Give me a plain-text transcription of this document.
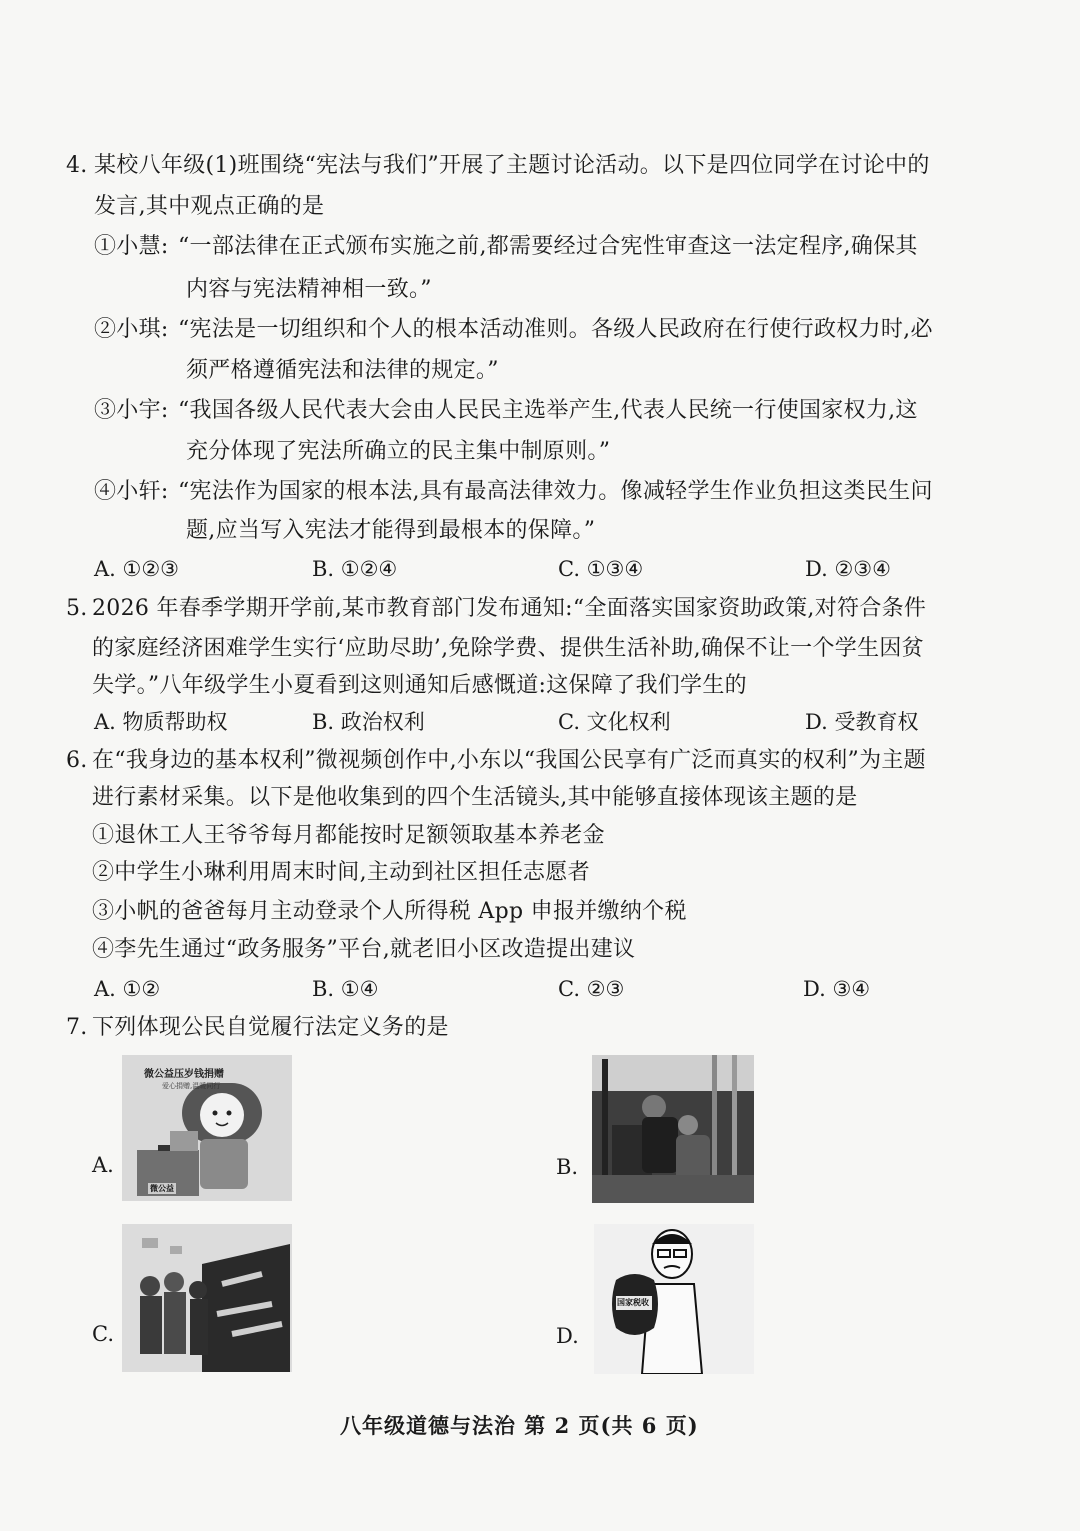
4. 某校八年级(1)班围绕“宪法与我们”开展了主题讨论活动。以下是四位同学在讨论中的
发言,其中观点正确的是
①小慧: “一部法律在正式颁布实施之前,都需要经过合宪性审查这一法定程序,确保其
内容与宪法精神相一致。”
②小琪: “宪法是一切组织和个人的根本活动准则。各级人民政府在行使行政权力时,必
须严格遵循宪法和法律的规定。”
③小宇: “我国各级人民代表大会由人民民主选举产生,代表人民统一行使国家权力,这
充分体现了宪法所确立的民主集中制原则。”
④小轩: “宪法作为国家的根本法,具有最高法律效力。像减轻学生作业负担这类民生问
题,应当写入宪法才能得到最根本的保障。”
A. ①②③	B. ①②④	C. ①③④	D. ②③④
5. 2026 年春季学期开学前,某市教育部门发布通知:“全面落实国家资助政策,对符合条件
的家庭经济困难学生实行‘应助尽助’,免除学费、提供生活补助,确保不让一个学生因贫
失学。”八年级学生小夏看到这则通知后感慨道:这保障了我们学生的
A. 物质帮助权	B. 政治权利	C. 文化权利	D. 受教育权
6. 在“我身边的基本权利”微视频创作中,小东以“我国公民享有广泛而真实的权利”为主题
进行素材采集。以下是他收集到的四个生活镜头,其中能够直接体现该主题的是
①退休工人王爷爷每月都能按时足额领取基本养老金
②中学生小琳利用周末时间,主动到社区担任志愿者
③小帆的爸爸每月主动登录个人所得税 App 申报并缴纳个税
④李先生通过“政务服务”平台,就老旧小区改造提出建议
A. ①②	B. ①④	C. ②③	D. ③④
7. 下列体现公民自觉履行法定义务的是
A.
微公益压岁钱捐赠
爱心捐赠,温暖同行
微公益
B.
C.	D.
国家税收
八年级道德与法治 第 2 页(共 6 页)
